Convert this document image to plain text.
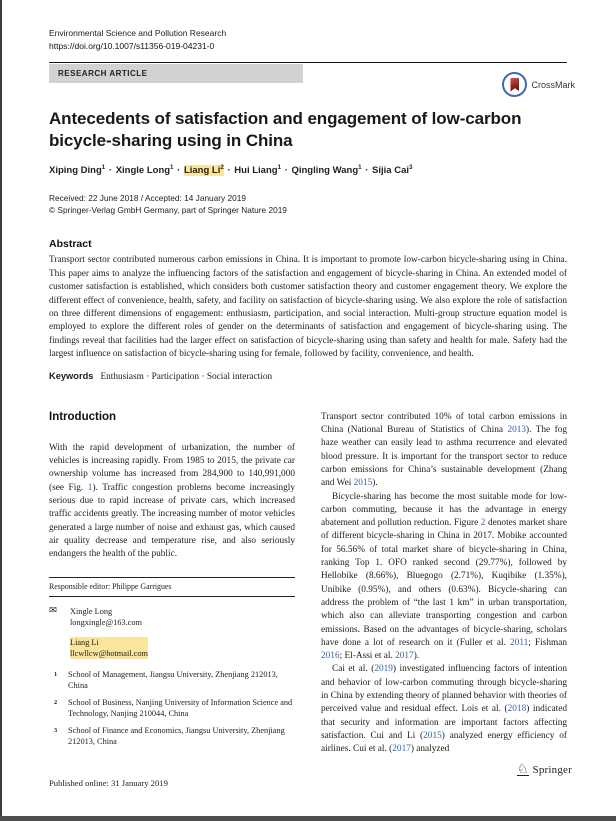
Environmental Science and Pollution Research
https://doi.org/10.1007/s11356-019-04231-0
RESEARCH ARTICLE
CrossMark
Antecedents of satisfaction and engagement of low-carbon bicycle-sharing using in China
Xiping Ding$^1$ · Xingle Long$^1$ · Liang $Li^2$ · Hui Liang$^1$ · Qingling Wang$^1$ · Sijia Cai$^3$
Received: 22 June 2018 / Accepted: 14 January 2019
© Springer-Verlag GmbH Germany, part of Springer Nature 2019
Abstract
Transport sector contributed numerous carbon emissions in China. It is important to promote low-carbon bicycle-sharing using in China. This paper aims to analyze the influencing factors of the satisfaction and engagement of bicycle-sharing in China. An extended model of customer satisfaction is established, which considers both customer satisfaction theory and customer engagement theory. We explore the different effect of convenience, health, safety, and facility on satisfaction of bicycle-sharing using. We also explore the role of satisfaction on three different dimensions of engagement: enthusiasm, participation, and social interaction. Multi-group structure equation model is employed to explore the different roles of gender on the determinants of satisfaction and engagement of bicycle-sharing using. The findings reveal that facilities had the larger effect on satisfaction of bicycle-sharing using than safety and health for male. Safety had the largest influence on satisfaction of bicycle-sharing using for female, followed by facility, convenience, and health.
Keywords Enthusiasm · Participation · Social interaction
Introduction

With the rapid development of urbanization, the number of vehicles is increasing rapidly. From 1985 to 2015, the private car ownership volume has increased from 284,900 to 140,991,000 (see Fig. 1). Traffic congestion problems become increasingly serious due to rapid increase of private cars, which increased traffic accidents greatly. The increasing number of motor vehicles generated a large number of noise and exhaust gas, which caused air quality decrease and temperature rise, and also seriously endangers the health of the public.

Responsible editor: Philippe Garrigues
✉	Xingle Long
longxingle@163.com
Liang Li
llcwllcw@hotmail.com
1	School of Management, Jiangsu University, Zhenjiang 212013, China
2	School of Business, Nanjing University of Information Science and Technology, Nanjing 210044, China
3	School of Finance and Economics, Jiangsu University, Zhenjiang 212013, China

Transport sector contributed 10% of total carbon emissions in China (National Bureau of Statistics of China 2013). The fog haze weather can easily lead to asthma recurrence and elevated blood pressure. It is important for the transport sector to reduce carbon emissions for China’s sustainable development (Zhang and Wei 2015).

Bicycle-sharing has become the most suitable mode for low-carbon commuting, because it has the advantage in energy abatement and pollution reduction. Figure 2 denotes market share of different bicycle-sharing in China in 2017. Mobike accounted for 56.56% of total market share of bicycle-sharing in China, ranking Top 1. OFO ranked second (29.77%), followed by Hellobike (8.66%), Bluegogo (2.71%), Kuqibike (1.35%), Unibike (0.95%), and others (0.63%). Bicycle-sharing can address the problem of “the last 1 km” in urban transportation, which also can alleviate transporting congestion and carbon emissions. Based on the advantages of bicycle-sharing, scholars have done a lot of research on it (Fuller et al. 2011; Fishman 2016; El-Assi et al. 2017).

Cai et al. (2019) investigated influencing factors of intention and behavior of low-carbon commuting through bicycle-sharing in China by extending theory of planned behavior with theories of perceived value and residual effect. Lois et al. (2018) indicated that security and information are important factors affecting satisfaction. Cui and Li (2015) analyzed energy efficiency of airlines. Cui et al. (2017) analyzed

Published online: 31 January 2019
♘ Springer
